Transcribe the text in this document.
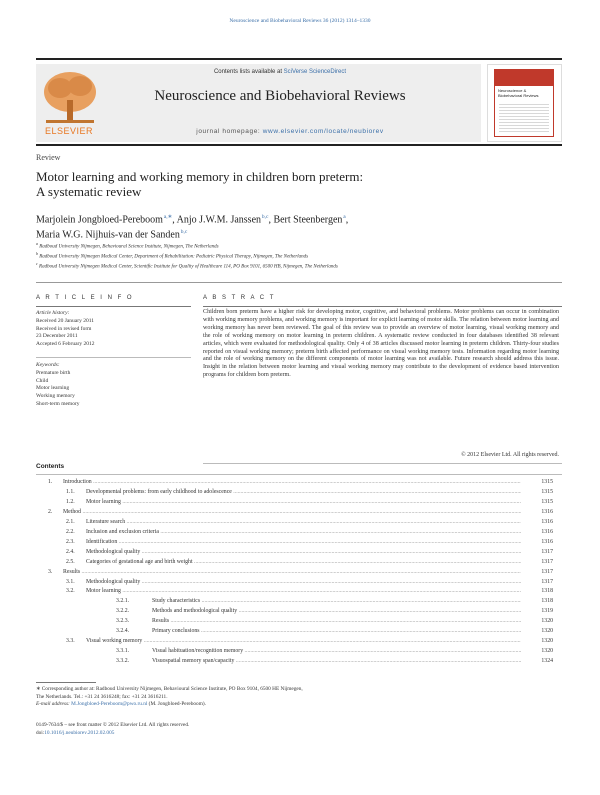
Neuroscience and Biobehavioral Reviews 36 (2012) 1314–1330
ELSEVIER
Contents lists available at SciVerse ScienceDirect
Neuroscience and Biobehavioral Reviews
journal homepage: www.elsevier.com/locate/neubiorev
Neuroscience & Biobehavioral Reviews
Review
Motor learning and working memory in children born preterm:
A systematic review
Marjolein Jongbloed-Pereboom $^{a,∗}$, Anjo J.W.M. Janssen $^{b,c}$, Bert Steenbergen $^a$,
Maria W.G. Nijhuis-van der Sanden $^{b,c}$
$^a$ Radboud University Nijmegen, Behavioural Science Institute, Nijmegen, The Netherlands
$^b$ Radboud University Nijmegen Medical Center, Department of Rehabilitation: Pediatric Physical Therapy, Nijmegen, The Netherlands
$^c$ Radboud University Nijmegen Medical Center, Scientific Institute for Quality of Healthcare 114, PO Box 9101, 6500 HB, Nijmegen, The Netherlands
A R T I C L E I N F O
Article history:
Received 20 January 2011
Received in revised form
23 December 2011
Accepted 6 February 2012
Keywords:
Premature birth
Child
Motor learning
Working memory
Short-term memory
A B S T R A C T
Children born preterm have a higher risk for developing motor, cognitive, and behavioral problems. Motor problems can occur in combination with working memory problems, and working memory is important for explicit learning of motor skills. The relation between motor learning and working memory has never been reviewed. The goal of this review was to provide an overview of motor learning, visual working memory and the role of working memory on motor learning in preterm children. A systematic review conducted in four databases identified 38 relevant articles, which were evaluated for methodological quality. Only 4 of 38 articles discussed motor learning in preterm children. Thirty-four studies reported on visual working memory; preterm birth affected performance on visual working memory tests. Information regarding motor learning and the role of working memory on the different components of motor learning was not available. Future research should address this issue. Insight in the relation between motor learning and visual working memory may contribute to the development of evidence based intervention programs for children born preterm.
© 2012 Elsevier Ltd. All rights reserved.
Contents
1. Introduction .....	1315
1.1. Developmental problems: from early childhood to adolescence .....	1315
1.2. Motor learning .....	1315
2. Method .....	1316
2.1. Literature search .....	1316
2.2. Inclusion and exclusion criteria .....	1316
2.3. Identification .....	1316
2.4. Methodological quality .....	1317
2.5. Categories of gestational age and birth weight .....	1317
3. Results .....	1317
3.1. Methodological quality .....	1317
3.2. Motor learning .....	1318
3.2.1.	Study characteristics .....	1318
3.2.2.	Methods and methodological quality .....	1319
3.2.3.	Results .....	1320
3.2.4.	Primary conclusions .....	1320
3.3. Visual working memory .....	1320
3.3.1.	Visual habituation/recognition memory .....	1320
3.3.2.	Visuospatial memory span/capacity .....	1324
∗ Corresponding author at: Radboud University Nijmegen, Behavioural Science Institute, PO Box 9104, 6500 HE Nijmegen,
The Netherlands. Tel.: +31 24 3616248; fax: +31 24 3616211.
E-mail address: M.Jongbloed-Pereboom@pwo.ru.nl (M. Jongbloed-Pereboom).
0149-7634/$ – see front matter © 2012 Elsevier Ltd. All rights reserved.
doi:10.1016/j.neubiorev.2012.02.005
